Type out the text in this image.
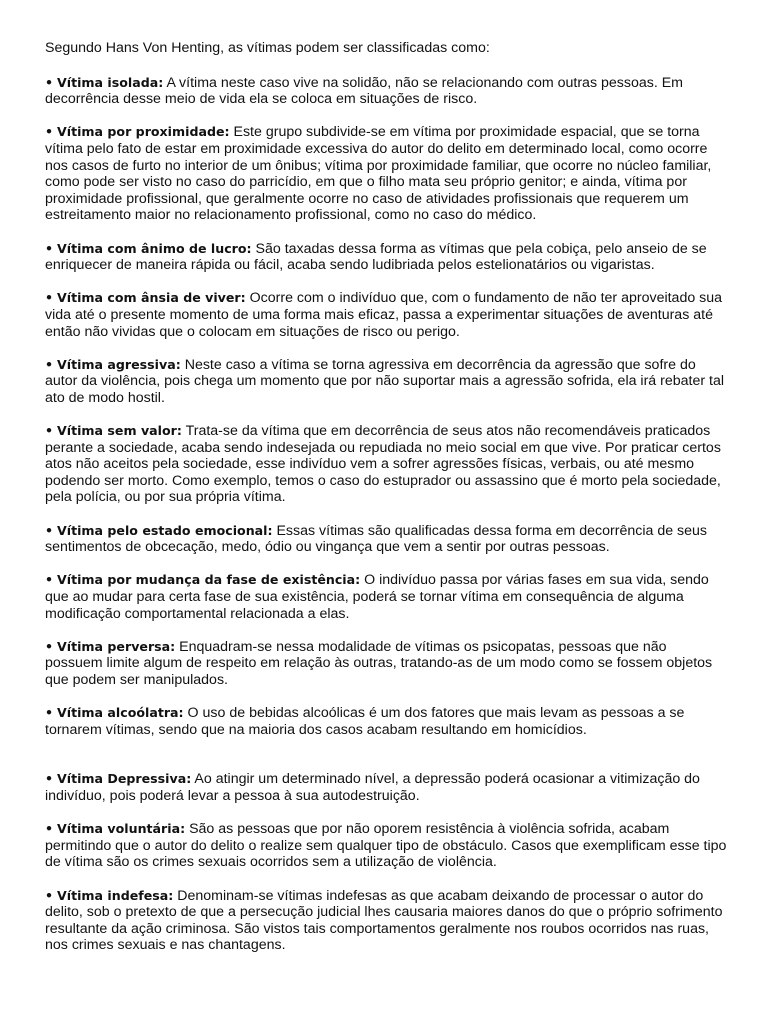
Segundo Hans Von Henting, as vítimas podem ser classificadas como:

• Vítima isolada: A vítima neste caso vive na solidão, não se relacionando com outras pessoas. Em decorrência desse meio de vida ela se coloca em situações de risco.

• Vítima por proximidade: Este grupo subdivide-se em vítima por proximidade espacial, que se torna vítima pelo fato de estar em proximidade excessiva do autor do delito em determinado local, como ocorre nos casos de furto no interior de um ônibus; vítima por proximidade familiar, que ocorre no núcleo familiar, como pode ser visto no caso do parricídio, em que o filho mata seu próprio genitor; e ainda, vítima por proximidade profissional, que geralmente ocorre no caso de atividades profissionais que requerem um estreitamento maior no relacionamento profissional, como no caso do médico.

• Vítima com ânimo de lucro: São taxadas dessa forma as vítimas que pela cobiça, pelo anseio de se enriquecer de maneira rápida ou fácil, acaba sendo ludibriada pelos estelionatários ou vigaristas.

• Vítima com ânsia de viver: Ocorre com o indivíduo que, com o fundamento de não ter aproveitado sua vida até o presente momento de uma forma mais eficaz, passa a experimentar situações de aventuras até então não vividas que o colocam em situações de risco ou perigo.

• Vítima agressiva: Neste caso a vítima se torna agressiva em decorrência da agressão que sofre do autor da violência, pois chega um momento que por não suportar mais a agressão sofrida, ela irá rebater tal ato de modo hostil.

• Vítima sem valor: Trata-se da vítima que em decorrência de seus atos não recomendáveis praticados perante a sociedade, acaba sendo indesejada ou repudiada no meio social em que vive. Por praticar certos atos não aceitos pela sociedade, esse indivíduo vem a sofrer agressões físicas, verbais, ou até mesmo podendo ser morto. Como exemplo, temos o caso do estuprador ou assassino que é morto pela sociedade, pela polícia, ou por sua própria vítima.

• Vítima pelo estado emocional: Essas vítimas são qualificadas dessa forma em decorrência de seus sentimentos de obcecação, medo, ódio ou vingança que vem a sentir por outras pessoas.

• Vítima por mudança da fase de existência: O indivíduo passa por várias fases em sua vida, sendo que ao mudar para certa fase de sua existência, poderá se tornar vítima em consequência de alguma modificação comportamental relacionada a elas.

• Vítima perversa: Enquadram-se nessa modalidade de vítimas os psicopatas, pessoas que não possuem limite algum de respeito em relação às outras, tratando-as de um modo como se fossem objetos que podem ser manipulados.

• Vítima alcoólatra: O uso de bebidas alcoólicas é um dos fatores que mais levam as pessoas a se tornarem vítimas, sendo que na maioria dos casos acabam resultando em homicídios.

• Vítima Depressiva: Ao atingir um determinado nível, a depressão poderá ocasionar a vitimização do indivíduo, pois poderá levar a pessoa à sua autodestruição.

• Vítima voluntária: São as pessoas que por não oporem resistência à violência sofrida, acabam permitindo que o autor do delito o realize sem qualquer tipo de obstáculo. Casos que exemplificam esse tipo de vítima são os crimes sexuais ocorridos sem a utilização de violência.

• Vítima indefesa: Denominam-se vítimas indefesas as que acabam deixando de processar o autor do delito, sob o pretexto de que a persecução judicial lhes causaria maiores danos do que o próprio sofrimento resultante da ação criminosa. São vistos tais comportamentos geralmente nos roubos ocorridos nas ruas, nos crimes sexuais e nas chantagens.
